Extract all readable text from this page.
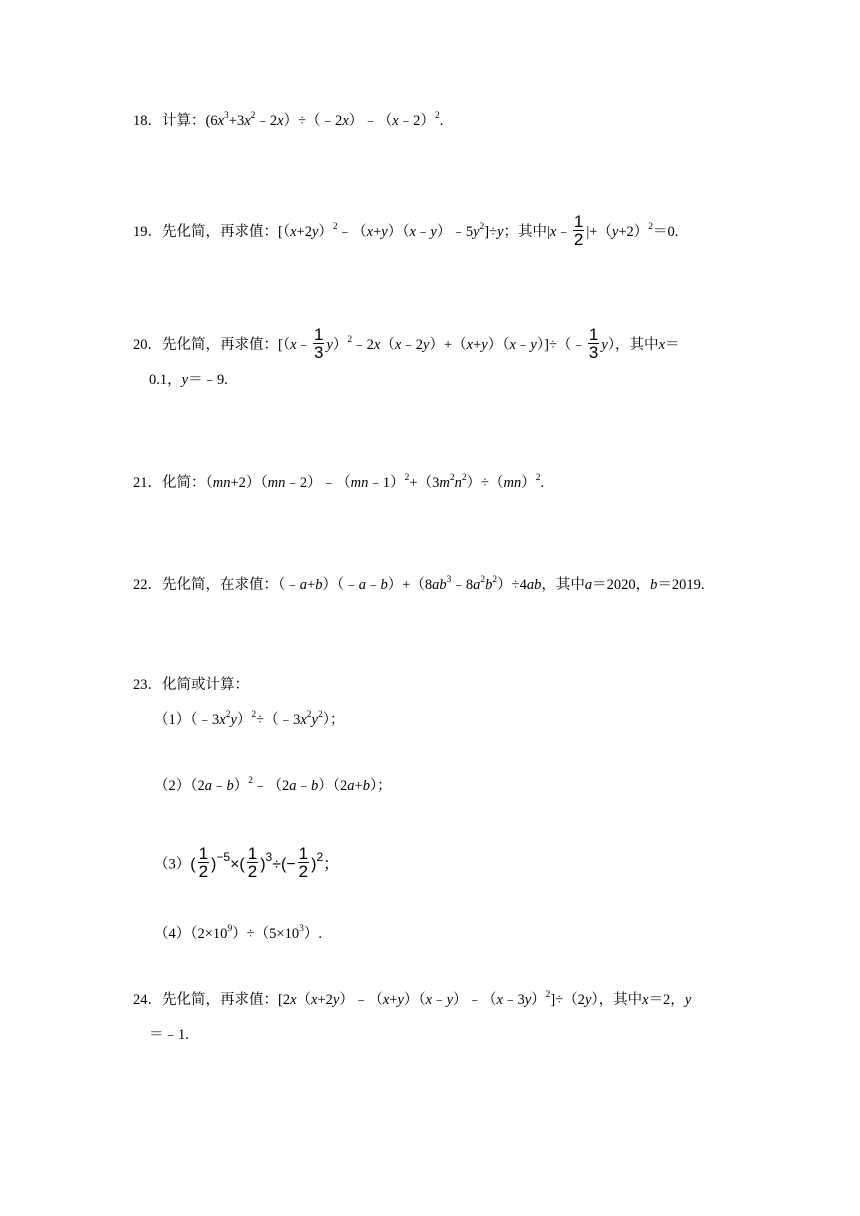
18．计算：$(6x^3+3x^2﹣2x)\div(﹣2x)﹣(x﹣2)^2$.
19．先化简，再求值：$[(x+2y)^2﹣(x+y)(x﹣y)﹣5y^2]\div y$；其中|x﹣ $\frac{1}{2} |+(y+2)^2=0$.
20．先化简，再求值：[（x﹣ $\frac{1}{3}$ y）$^2$﹣2x（x﹣2y）+（x+y）（x﹣y）]÷（﹣ $\frac{1}{3} y$），其中x＝
0.1，y＝﹣9.
21．化简：$(mn+2)(mn﹣2)﹣(mn﹣1)^2+(3m^2n^2)\div(mn)^2$.
22．先化简，在求值：$(﹣a+b)(﹣a﹣b)+(8ab^3﹣8a^2b^2)\div 4ab$，其中a＝2020，b＝2019.
23．化简或计算：
$(1)(﹣3x^2y)^2\div(﹣3x^2y^2)$；
（2）（2a﹣b）$^2$﹣（2a﹣b）（2a+b）；
$(3)( \frac{1}{2} )^{-5}\times( \frac{1}{2} )^3\div(- \frac{1}{2} )^2$；
$(4)(2\times 10^9)\div(5\times 10^3)$.
24．先化简，再求值：[2x（x+2y）﹣（x+y）（x﹣y）﹣（x﹣3y）$^2$]÷（2y），其中x＝2，y
＝﹣1.
